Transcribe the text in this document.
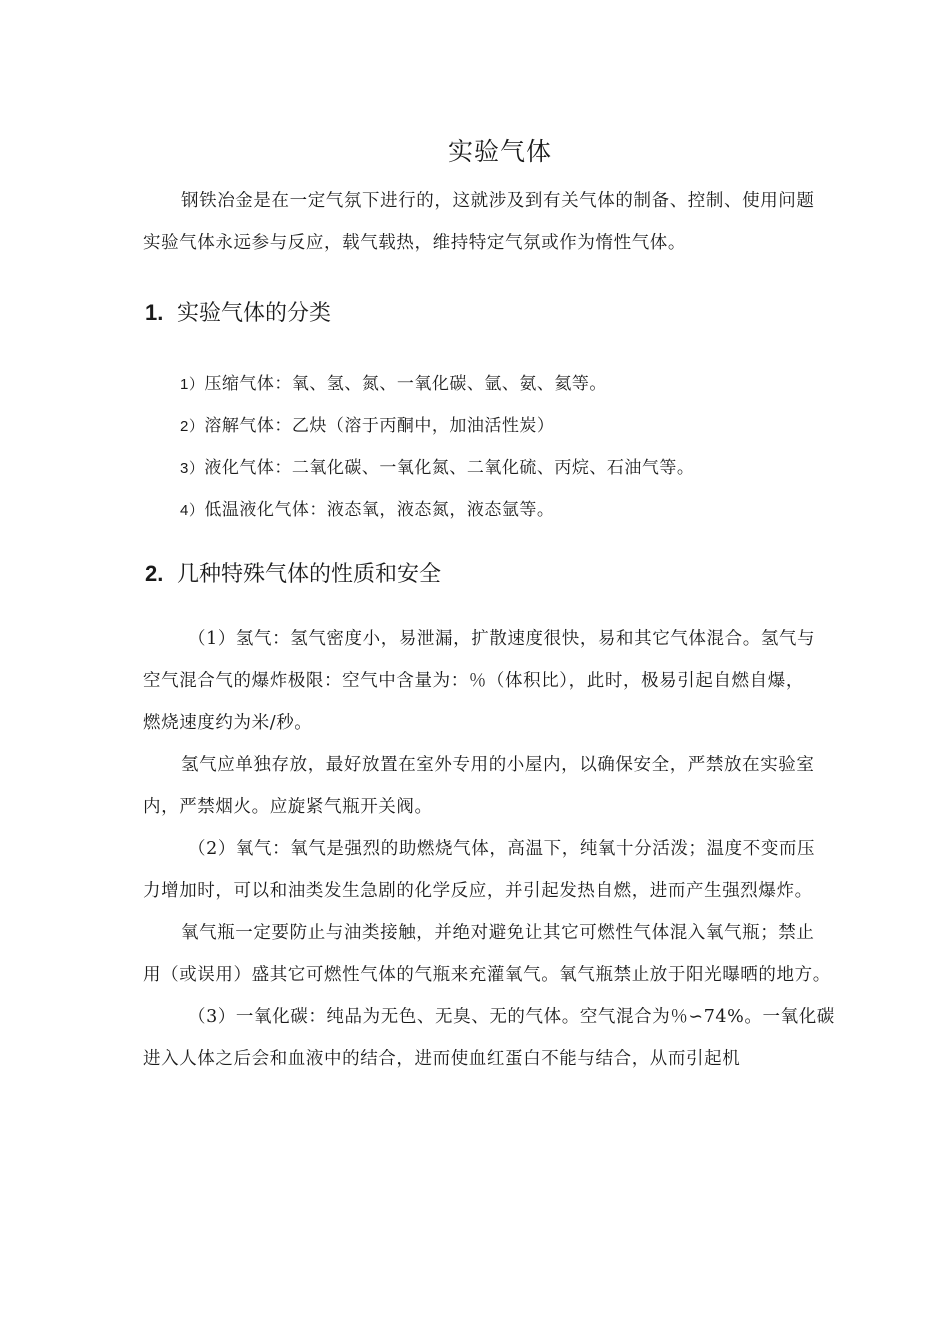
实验气体
钢铁冶金是在一定气氛下进行的，这就涉及到有关气体的制备、控制、使用问题
实验气体永远参与反应，载气载热，维持特定气氛或作为惰性气体。
1. 实验气体的分类
1）压缩气体：氧、氢、氮、一氧化碳、氩、氨、氦等。
2）溶解气体：乙炔（溶于丙酮中，加油活性炭）
3）液化气体：二氧化碳、一氧化氮、二氧化硫、丙烷、石油气等。
4）低温液化气体：液态氧，液态氮，液态氩等。
2. 几种特殊气体的性质和安全
（1）氢气：氢气密度小，易泄漏，扩散速度很快，易和其它气体混合。氢气与
空气混合气的爆炸极限：空气中含量为：％（体积比），此时，极易引起自燃自爆，
燃烧速度约为米/秒。
氢气应单独存放，最好放置在室外专用的小屋内，以确保安全，严禁放在实验室
内，严禁烟火。应旋紧气瓶开关阀。
（2）氧气：氧气是强烈的助燃烧气体，高温下，纯氧十分活泼；温度不变而压
力增加时，可以和油类发生急剧的化学反应，并引起发热自燃，进而产生强烈爆炸。
氧气瓶一定要防止与油类接触，并绝对避免让其它可燃性气体混入氧气瓶；禁止
用（或误用）盛其它可燃性气体的气瓶来充灌氧气。氧气瓶禁止放于阳光曝晒的地方。
（3）一氧化碳：纯品为无色、无臭、无的气体。空气混合为％∽74%。一氧化碳
进入人体之后会和血液中的结合，进而使血红蛋白不能与结合，从而引起机
